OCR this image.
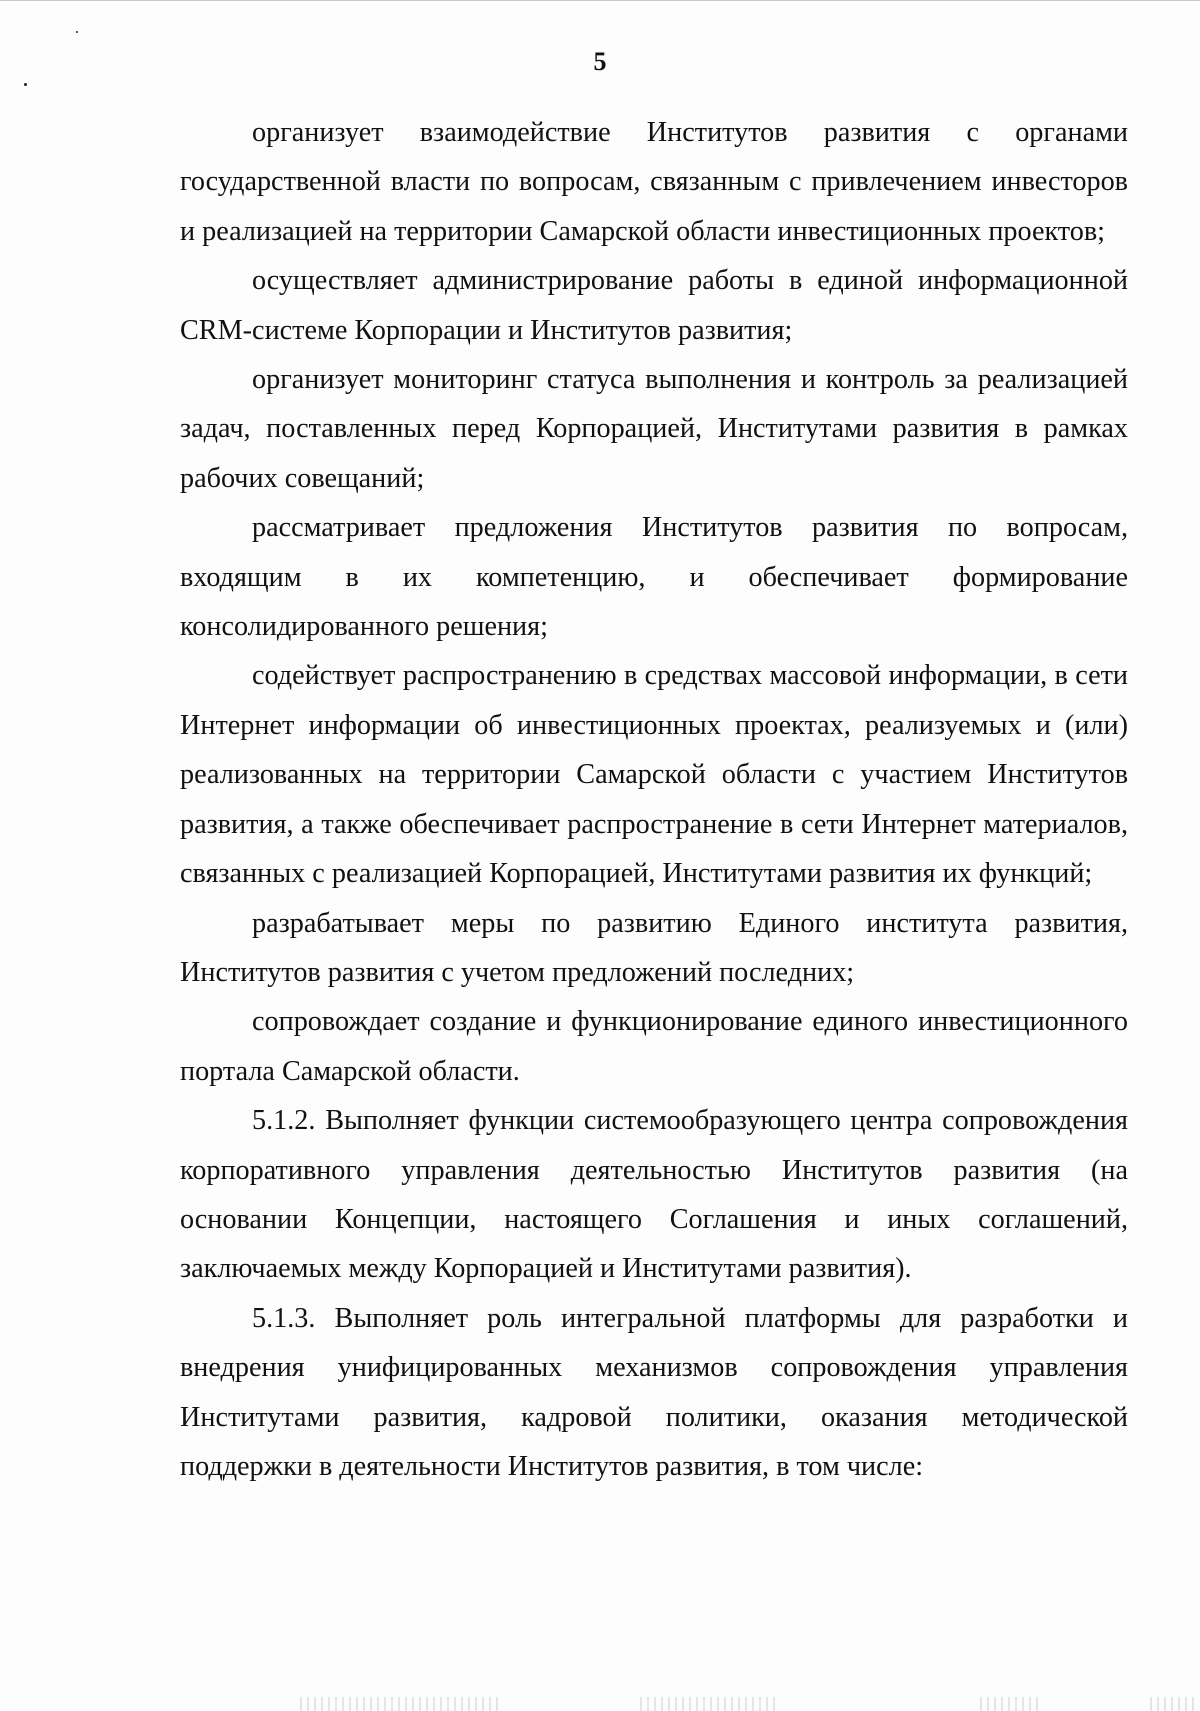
5

организует взаимодействие Институтов развития с органами государственной власти по вопросам, связанным с привлечением инвесторов и реализацией на территории Самарской области инвестиционных проектов;

осуществляет администрирование работы в единой информационной CRM-системе Корпорации и Институтов развития;

организует мониторинг статуса выполнения и контроль за реализацией задач, поставленных перед Корпорацией, Институтами развития в рамках рабочих совещаний;

рассматривает предложения Институтов развития по вопросам, входящим в их компетенцию, и обеспечивает формирование консолидированного решения;

содействует распространению в средствах массовой информации, в сети Интернет информации об инвестиционных проектах, реализуемых и (или) реализованных на территории Самарской области с участием Институтов развития, а также обеспечивает распространение в сети Интернет материалов, связанных с реализацией Корпорацией, Институтами развития их функций;

разрабатывает меры по развитию Единого института развития, Институтов развития с учетом предложений последних;

сопровождает создание и функционирование единого инвестиционного портала Самарской области.

5.1.2. Выполняет функции системообразующего центра сопровождения корпоративного управления деятельностью Институтов развития (на основании Концепции, настоящего Соглашения и иных соглашений, заключаемых между Корпорацией и Институтами развития).

5.1.3. Выполняет роль интегральной платформы для разработки и внедрения унифицированных механизмов сопровождения управления Институтами развития, кадровой политики, оказания методической поддержки в деятельности Институтов развития, в том числе:
